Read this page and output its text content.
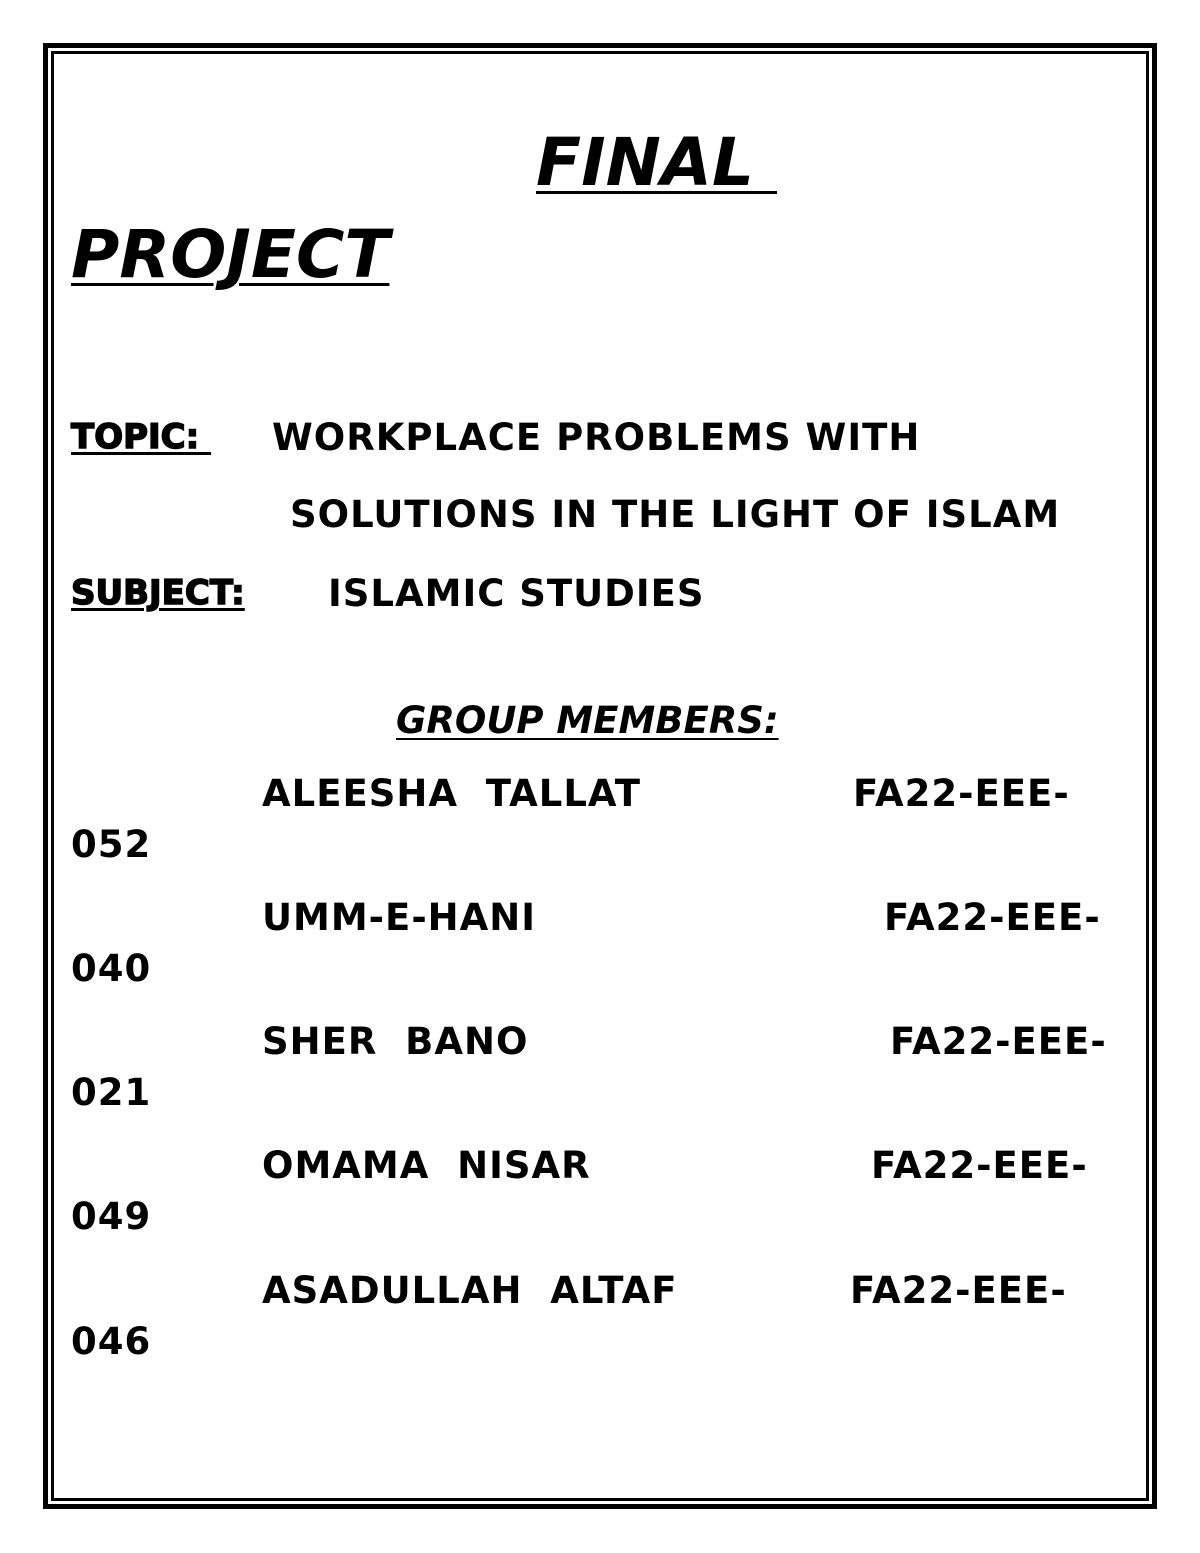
FINAL
PROJECT
TOPIC: WORKPLACE PROBLEMS WITH
SOLUTIONS IN THE LIGHT OF ISLAM
SUBJECT: ISLAMIC STUDIES
GROUP MEMBERS:
ALEESHA  TALLAT	FA22-EEE-
052
UMM-E-HANI	FA22-EEE-
040
SHER  BANO	FA22-EEE-
021
OMAMA  NISAR	FA22-EEE-
049
ASADULLAH  ALTAF	FA22-EEE-
046
